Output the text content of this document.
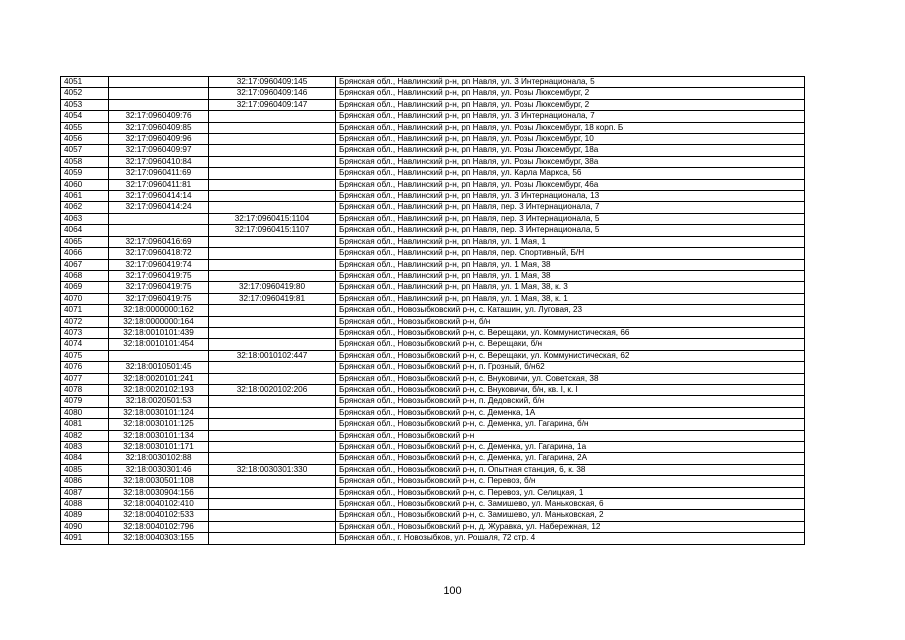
4051		32:17:0960409:145	Брянская обл., Навлинский р-н, рп Навля, ул. 3 Интернационала, 5
4052		32:17:0960409:146	Брянская обл., Навлинский р-н, рп Навля, ул. Розы Люксембург, 2
4053		32:17:0960409:147	Брянская обл., Навлинский р-н, рп Навля, ул. Розы Люксембург, 2
4054	32:17:0960409:76		Брянская обл., Навлинский р-н, рп Навля, ул. 3 Интернационала, 7
4055	32:17:0960409:85		Брянская обл., Навлинский р-н, рп Навля, ул. Розы Люксембург, 18 корп. Б
4056	32:17:0960409:96		Брянская обл., Навлинский р-н, рп Навля, ул. Розы Люксембург, 10
4057	32:17:0960409:97		Брянская обл., Навлинский р-н, рп Навля, ул. Розы Люксембург, 18а
4058	32:17:0960410:84		Брянская обл., Навлинский р-н, рп Навля, ул. Розы Люксембург, 38а
4059	32:17:0960411:69		Брянская обл., Навлинский р-н, рп Навля, ул. Карла Маркса, 56
4060	32:17:0960411:81		Брянская обл., Навлинский р-н, рп Навля, ул. Розы Люксембург, 46а
4061	32:17:0960414:14		Брянская обл., Навлинский р-н, рп Навля, ул. 3 Интернационала, 13
4062	32:17:0960414:24		Брянская обл., Навлинский р-н, рп Навля, пер. 3 Интернационала, 7
4063		32:17:0960415:1104	Брянская обл., Навлинский р-н, рп Навля, пер. 3 Интернационала, 5
4064		32:17:0960415:1107	Брянская обл., Навлинский р-н, рп Навля, пер. 3 Интернационала, 5
4065	32:17:0960416:69		Брянская обл., Навлинский р-н, рп Навля, ул. 1 Мая, 1
4066	32:17:0960418:72		Брянская обл., Навлинский р-н, рп Навля, пер. Спортивный, Б/Н
4067	32:17:0960419:74		Брянская обл., Навлинский р-н, рп Навля, ул. 1 Мая, 38
4068	32:17:0960419:75		Брянская обл., Навлинский р-н, рп Навля, ул. 1 Мая, 38
4069	32:17:0960419:75	32:17:0960419:80	Брянская обл., Навлинский р-н, рп Навля, ул. 1 Мая, 38, к. 3
4070	32:17:0960419:75	32:17:0960419:81	Брянская обл., Навлинский р-н, рп Навля, ул. 1 Мая, 38, к. 1
4071	32:18:0000000:162		Брянская обл., Новозыбковский р-н, с. Каташин, ул. Луговая, 23
4072	32:18:0000000:164		Брянская обл., Новозыбковский р-н, б/н
4073	32:18:0010101:439		Брянская обл., Новозыбковский р-н, с. Верещаки, ул. Коммунистическая, 66
4074	32:18:0010101:454		Брянская обл., Новозыбковский р-н, с. Верещаки, б/н
4075		32:18:0010102:447	Брянская обл., Новозыбковский р-н, с. Верещаки, ул. Коммунистическая, 62
4076	32:18:0010501:45		Брянская обл., Новозыбковский р-н, п. Грозный, б/н62
4077	32:18:0020101:241		Брянская обл., Новозыбковский р-н, с. Внуковичи, ул. Советская, 38
4078	32:18:0020102:193	32:18:0020102:206	Брянская обл., Новозыбковский р-н, с. Внуковичи, б/н, кв. I, к. I
4079	32:18:0020501:53		Брянская обл., Новозыбковский р-н, п. Дедовский, б/н
4080	32:18:0030101:124		Брянская обл., Новозыбковский р-н, с. Деменка, 1А
4081	32:18:0030101:125		Брянская обл., Новозыбковский р-н, с. Деменка, ул. Гагарина, б/н
4082	32:18:0030101:134		Брянская обл., Новозыбковский р-н
4083	32:18:0030101:171		Брянская обл., Новозыбковский р-н, с. Деменка, ул. Гагарина, 1а
4084	32:18:0030102:88		Брянская обл., Новозыбковский р-н, с. Деменка, ул. Гагарина, 2А
4085	32:18:0030301:46	32:18:0030301:330	Брянская обл., Новозыбковский р-н, п. Опытная станция, 6, к. 38
4086	32:18:0030501:108		Брянская обл., Новозыбковский р-н, с. Перевоз, б/н
4087	32:18:0030904:156		Брянская обл., Новозыбковский р-н, с. Перевоз, ул. Селицкая, 1
4088	32:18:0040102:410		Брянская обл., Новозыбковский р-н, с. Замишево, ул. Маньковская, 6
4089	32:18:0040102:533		Брянская обл., Новозыбковский р-н, с. Замишево, ул. Маньковская, 2
4090	32:18:0040102:796		Брянская обл., Новозыбковский р-н, д. Журавка, ул. Набережная, 12
4091	32:18:0040303:155		Брянская обл., г. Новозыбков, ул. Рошаля, 72 стр. 4
100
